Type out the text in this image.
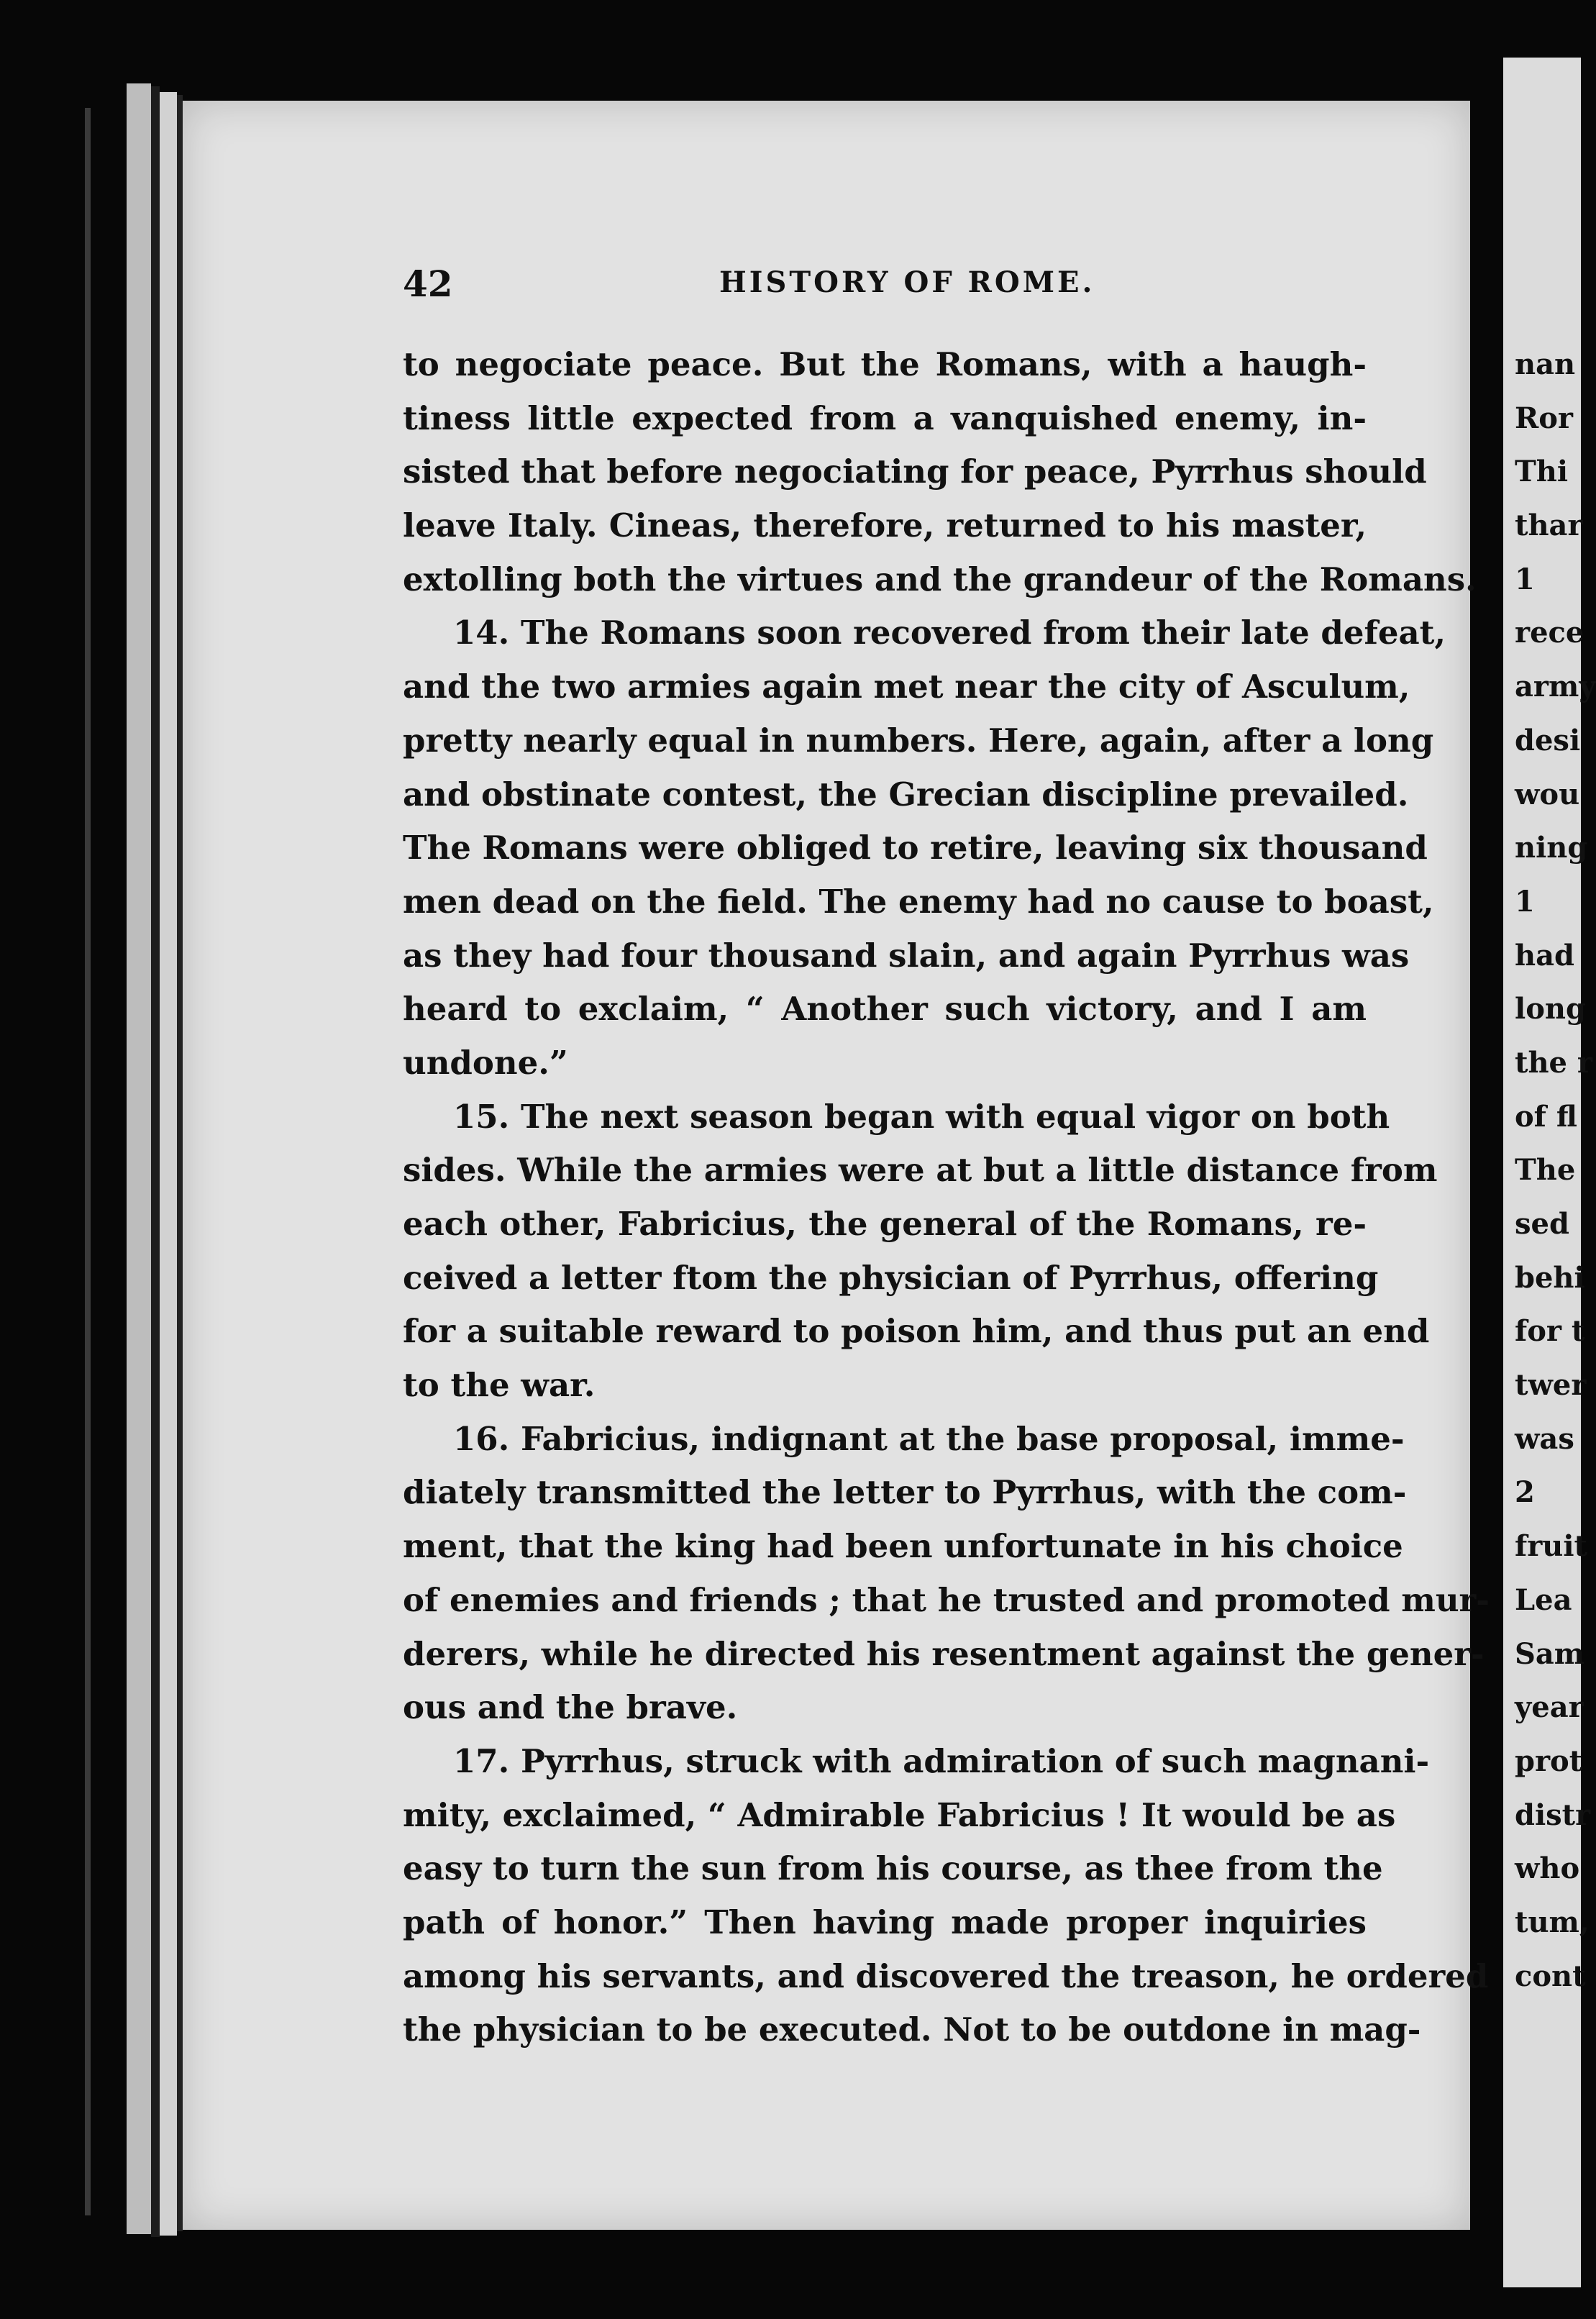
42	HISTORY OF ROME.
to negociate peace. But the Romans, with a haugh-
tiness little expected from a vanquished enemy, in-
sisted that before negociating for peace, Pyrrhus should
leave Italy. Cineas, therefore, returned to his master,
extolling both the virtues and the grandeur of the Romans.
14. The Romans soon recovered from their late defeat,
and the two armies again met near the city of Asculum,
pretty nearly equal in numbers. Here, again, after a long
and obstinate contest, the Grecian discipline prevailed.
The Romans were obliged to retire, leaving six thousand
men dead on the field. The enemy had no cause to boast,
as they had four thousand slain, and again Pyrrhus was
heard to exclaim, “ Another such victory, and I am
undone.”
15. The next season began with equal vigor on both
sides. While the armies were at but a little distance from
each other, Fabricius, the general of the Romans, re-
ceived a letter ftom the physician of Pyrrhus, offering
for a suitable reward to poison him, and thus put an end
to the war.
16. Fabricius, indignant at the base proposal, imme-
diately transmitted the letter to Pyrrhus, with the com-
ment, that the king had been unfortunate in his choice
of enemies and friends ; that he trusted and promoted mur-
derers, while he directed his resentment against the gener-
ous and the brave.
17. Pyrrhus, struck with admiration of such magnani-
mity, exclaimed, “ Admirable Fabricius ! It would be as
easy to turn the sun from his course, as thee from the
path of honor.” Then having made proper inquiries
among his servants, and discovered the treason, he ordered
the physician to be executed. Not to be outdone in mag-
nan
Ror
Thi
thar
1
rece
army
desi
wou
ning
1
had
long
the r
of fl
The
sed
behi
for t
twer
was
2
fruit
Lea
Sam
year
prot
distr
who
tum,
cont
